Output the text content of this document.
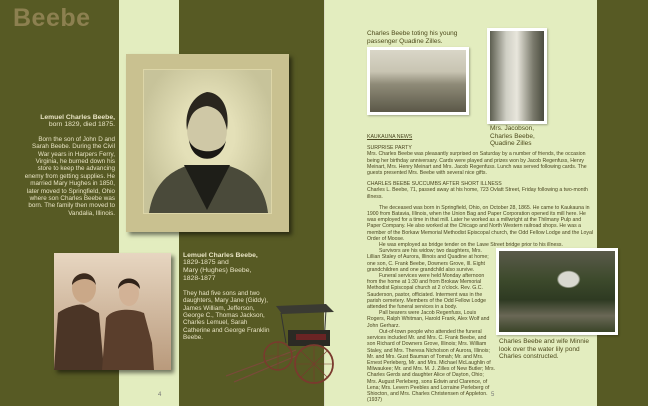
Beebe
Lemuel Charles Beebe,
born 1829, died 1875.
Born the son of John D and Sarah Beebe. During the Civil War years in Harpers Ferry, Virginia, he burned down his store to keep the advancing enemy from getting supplies. He married Mary Hughes in 1850, later moved to Springfield, Ohio where son Charles Beebe was born. The family then moved to Vandalia, Illinois.
Lemuel Charles Beebe,
1829-1875 and
Mary (Hughes) Beebe,
1828-1877
They had five sons and two daughters, Mary Jane (Giddy), James William, Jefferson, George C., Thomas Jackson, Charles Lemuel, Sarah Catherine and George Franklin Beebe.
4
Charles Beebe toting his young passenger Quadine Zilles.
Mrs. Jacobson, Charles Beebe, Quadine Zilles

KAUKAUNA NEWS

SURPRISE PARTY

Mrs. Charles Beebe was pleasantly surprised on Saturday by a number of friends, the occasion being her birthday anniversary. Cards were played and prizes won by Jacob Regenfuss, Henry Meinart, Mrs. Henry Meinart and Mrs. Jacob Regenfuss. Lunch was served following cards. The guests presented Mrs. Beebe with several nice gifts.

CHARLES BEEBE SUCCUMBS AFTER SHORT ILLNESS

Charles L. Beebe, 71, passed away at his home, 723 Ovlatt Street, Friday following a two-month illness.

The deceased was born in Springfield, Ohio, on October 28, 1865. He came to Kaukauna in 1900 from Batavia, Illinois, when the Union Bag and Paper Corporation opened its mill here. He was employed for a time in that mill. Later he worked as a millwright at the Thilmany Pulp and Paper Company. He also worked at the Chicago and North Western railroad shops. He was a member of the Borkaw Memorial Methodist Episcopal church, the Odd Fellow Lodge and the Loyal Order of Moose.

He was employed as bridge tender on the Lawe Street bridge prior to his illness.

Survivors are his widow; two daughters, Mrs. Lillian Staley of Aurora, Illinois and Quadine at home; one son, C. Frank Beebe, Downers Grove, Ill. Eight grandchildren and one grandchild also survive.

Funeral services were held Monday afternoon from the home at 1:30 and from Brokaw Memorial Methodist Episcopal church at 2 o'clock. Rev. G.C. Sauderson, pastor, officiated. Interment was in the parish cemetery. Members of the Odd Fellow Lodge attended the funeral services in a body.

Pall bearers were Jacob Regenfuss, Louis Rogers, Ralph Whitman, Harold Frank, Alex Wolf and John Gerharz.

Out-of-town people who attended the funeral services included Mr. and Mrs. C. Frank Beebe, and son Richard of Downers Grove, Illinois; Mrs. William Staley, and Mrs. Theresa Nicholson of Aurora, Illinois; Mr. and Mrs. Gust Bauman of Tomah; Mr. and Mrs. Ernest Perleberg, Mr. and Mrs. Michael McLaughlin of Milwaukee; Mr. and Mrs. M. J. Zilles of New Butler; Mrs. Charles Gerds and daughter Alice of Dayton, Ohio; Mrs. August Perleberg, sons Edwin and Clarence, of Lena; Mrs. Levern Peebles and Lorraine Perleberg of Shiocton, and Mrs. Charles Christensen of Appleton. (1937)

Charles Beebe and wife Minnie look over the water lily pond Charles constructed.
5
